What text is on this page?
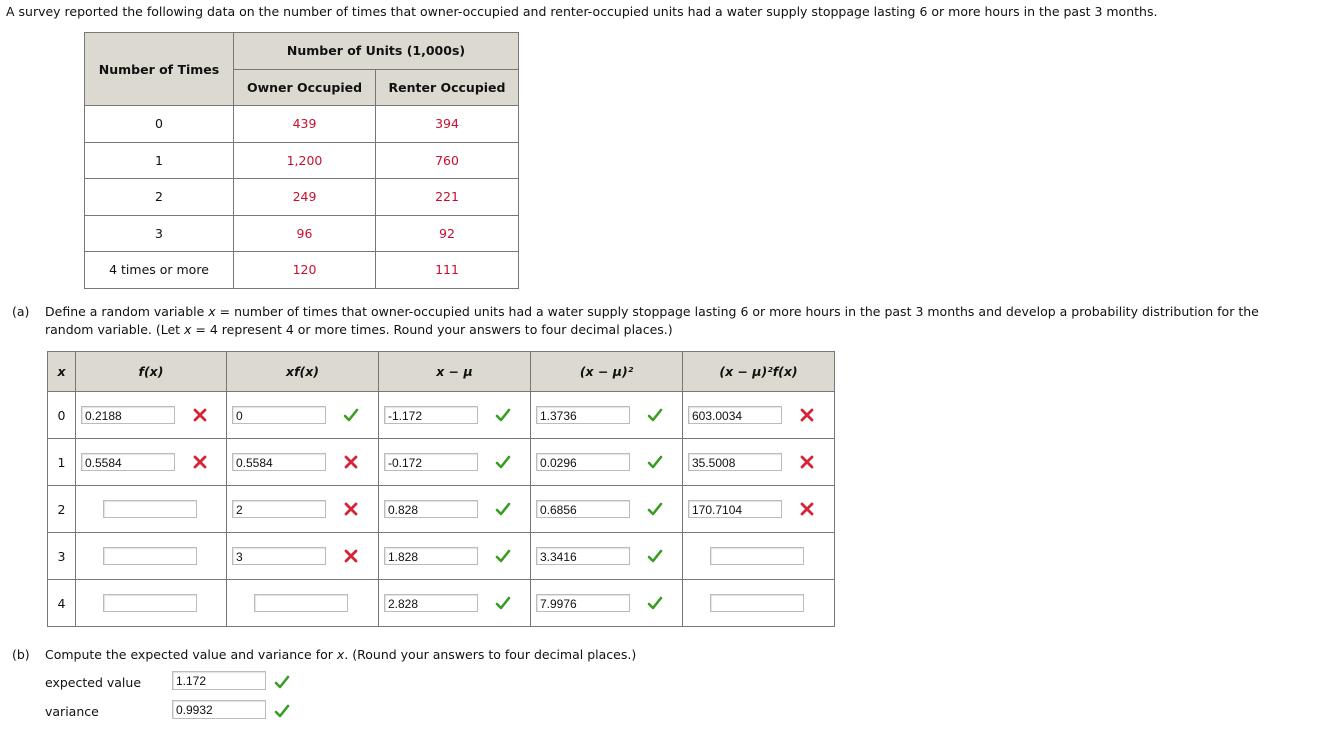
A survey reported the following data on the number of times that owner-occupied and renter-occupied units had a water supply stoppage lasting 6 or more hours in the past 3 months.
Number of Times	Number of Units (1,000s)	
	Owner Occupied	Renter Occupied
0	439	394
1	1,200	760
2	249	221
3	96	92
4 times or more	120	111
(a) Define a random variable x = number of times that owner-occupied units had a water supply stoppage lasting 6 or more hours in the past 3 months and develop a probability distribution for the
random variable. (Let x = 4 represent 4 or more times. Round your answers to four decimal places.)
x	f(x)	xf(x)	x − μ	(x − μ)²	(x − μ)²f(x)
0	0.2188	0	-1.172	1.3736	603.0034

1	0.5584	0.5584	-0.172	0.0296	35.5008

2		2	0.828	0.6856	170.7104

3		3	1.828	3.3416	

4			2.828	7.9976	

(b) Compute the expected value and variance for x. (Round your answers to four decimal places.)
expected value	1.172
variance	0.9932
